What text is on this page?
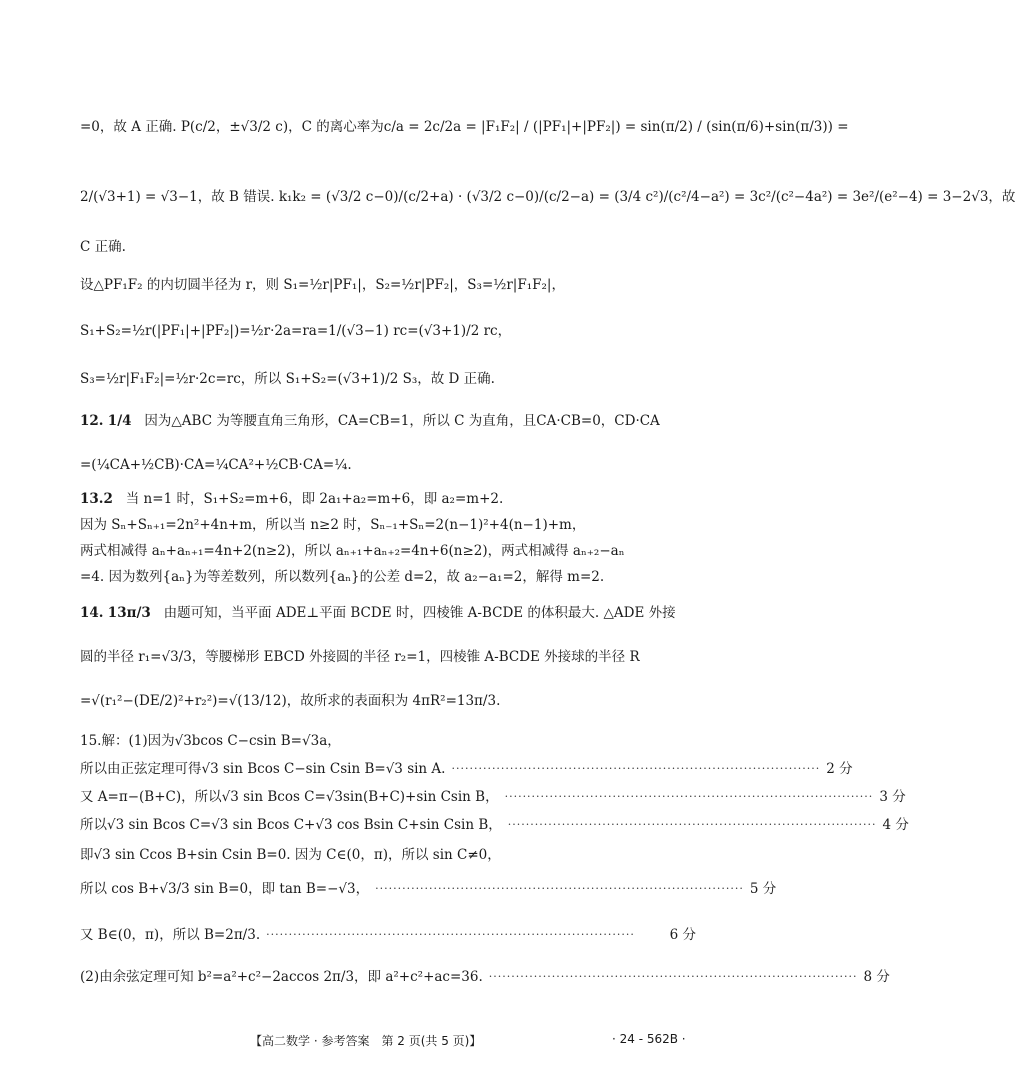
=0，故 A 正确. P(c/2，±√3/2 c)，C 的离心率为c/a = 2c/2a = |F₁F₂| / (|PF₁|+|PF₂|) = sin(π/2) / (sin(π/6)+sin(π/3)) =
2/(√3+1) = √3−1，故 B 错误. k₁k₂ = (√3/2 c−0)/(c/2+a) · (√3/2 c−0)/(c/2−a) = (3/4 c²)/(c²/4−a²) = 3c²/(c²−4a²) = 3e²/(e²−4) = 3−2√3，故
C 正确.
设△PF₁F₂ 的内切圆半径为 r，则 S₁=½r|PF₁|，S₂=½r|PF₂|，S₃=½r|F₁F₂|，
S₁+S₂=½r(|PF₁|+|PF₂|)=½r·2a=ra=1/(√3−1) rc=(√3+1)/2 rc，
S₃=½r|F₁F₂|=½r·2c=rc，所以 S₁+S₂=(√3+1)/2 S₃，故 D 正确.
12. 1/4 因为△ABC 为等腰直角三角形，CA=CB=1，所以 C 为直角，且CA·CB=0，CD·CA
=(¼CA+½CB)·CA=¼CA²+½CB·CA=¼.
13.2 当 n=1 时，S₁+S₂=m+6，即 2a₁+a₂=m+6，即 a₂=m+2.
因为 Sₙ+Sₙ₊₁=2n²+4n+m，所以当 n≥2 时，Sₙ₋₁+Sₙ=2(n−1)²+4(n−1)+m，
两式相减得 aₙ+aₙ₊₁=4n+2(n≥2)，所以 aₙ₊₁+aₙ₊₂=4n+6(n≥2)，两式相减得 aₙ₊₂−aₙ
=4. 因为数列{aₙ}为等差数列，所以数列{aₙ}的公差 d=2，故 a₂−a₁=2，解得 m=2.
14. 13π/3 由题可知，当平面 ADE⊥平面 BCDE 时，四棱锥 A-BCDE 的体积最大. △ADE 外接
圆的半径 r₁=√3/3，等腰梯形 EBCD 外接圆的半径 r₂=1，四棱锥 A-BCDE 外接球的半径 R
=√(r₁²−(DE/2)²+r₂²)=√(13/12)，故所求的表面积为 4πR²=13π/3.
15.解：(1)因为√3bcos C−csin B=√3a，
所以由正弦定理可得√3 sin Bcos C−sin Csin B=√3 sin A. ·················································································· 2 分
又 A=π−(B+C)，所以√3 sin Bcos C=√3sin(B+C)+sin Csin B， ·················································································· 3 分
所以√3 sin Bcos C=√3 sin Bcos C+√3 cos Bsin C+sin Csin B， ·················································································· 4 分
即√3 sin Ccos B+sin Csin B=0. 因为 C∈(0，π)，所以 sin C≠0，
所以 cos B+√3/3 sin B=0，即 tan B=−√3， ·················································································· 5 分
又 B∈(0，π)，所以 B=2π/3. ··················································································	6 分
(2)由余弦定理可知 b²=a²+c²−2accos 2π/3，即 a²+c²+ac=36. ·················································································· 8 分
【高二数学 · 参考答案　第 2 页(共 5 页)】	· 24 - 562B ·
